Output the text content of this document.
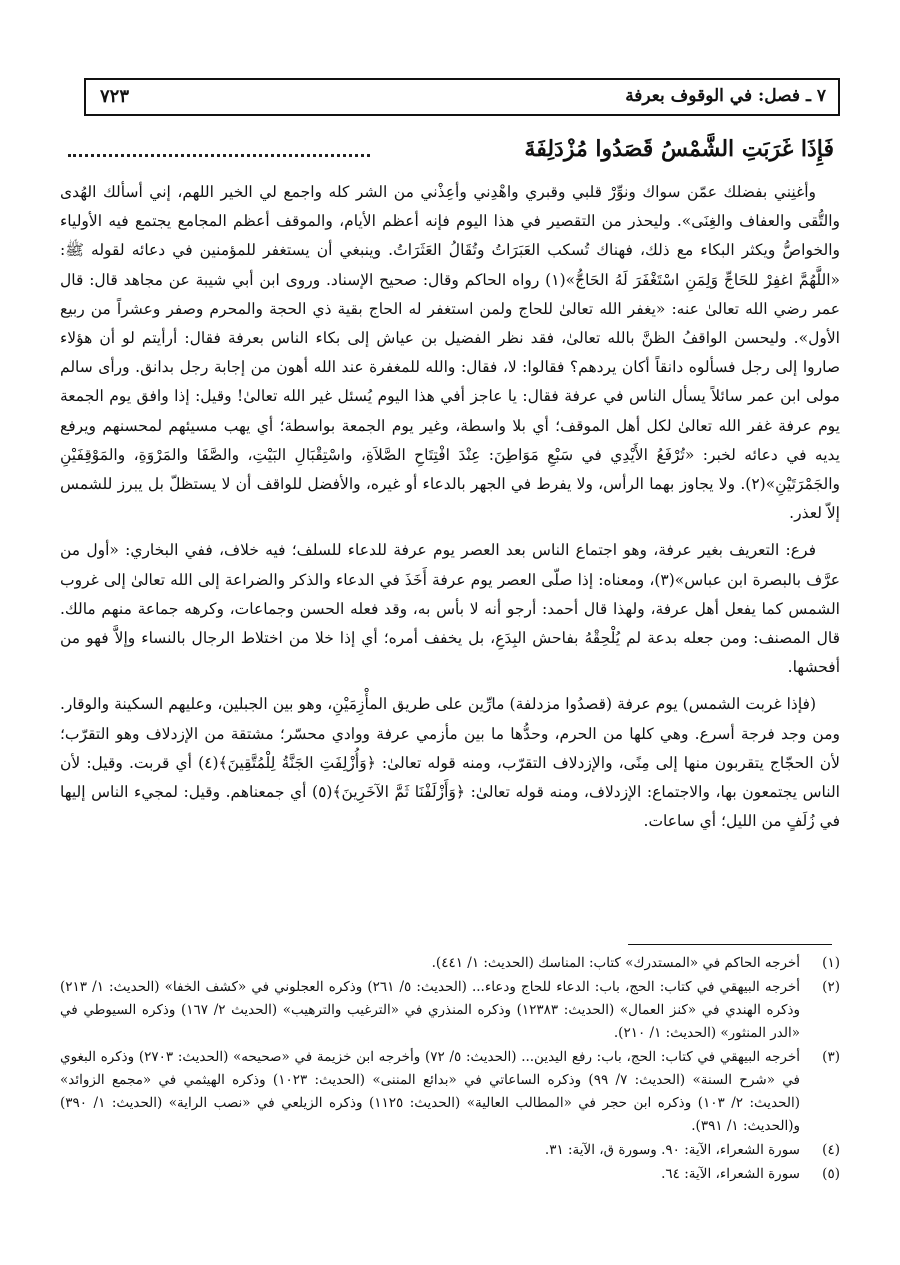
٧ ـ فصل: في الوقوف بعرفة
٧٢٣
فَإِذَا غَرَبَتِ الشَّمْسُ قَصَدُوا مُزْدَلِفَةَ

وأغنِني بفضلك عمّن سواك ونوِّرْ قلبي وقبري واهْدِني وأعِذْني من الشر كله واجمع لي الخير اللهم، إني أسألك الهُدى والتُّقى والعفاف والغِنَى». وليحذر من التقصير في هذا اليوم فإنه أعظم الأيام، والموقف أعظم المجامع يجتمع فيه الأولياء والخواصُّ ويكثر البكاء مع ذلك، فهناك تُسكب العَبَرَاتُ وتُقَالُ العَثَرَاتُ. وينبغي أن يستغفر للمؤمنين في دعائه لقوله ﷺ: «اللَّهُمَّ اغفِرْ للحَاجِّ وَلِمَنِ اسْتَغْفَرَ لَهُ الحَاجُّ»(١) رواه الحاكم وقال: صحيح الإسناد. وروى ابن أبي شيبة عن مجاهد قال: قال عمر رضي الله تعالىٰ عنه: «يغفر الله تعالىٰ للحاج ولمن استغفر له الحاج بقية ذي الحجة والمحرم وصفر وعشراً من ربيع الأول». وليحسن الواقفُ الظنَّ بالله تعالىٰ، فقد نظر الفضيل بن عياش إلى بكاء الناس بعرفة فقال: أرأيتم لو أن هؤلاء صاروا إلى رجل فسألوه دانقاً أكان يردهم؟ فقالوا: لا، فقال: والله للمغفرة عند الله أهون من إجابة رجل بدانق. ورأى سالم مولى ابن عمر سائلاً يسأل الناس في عرفة فقال: يا عاجز أفي هذا اليوم يُسئل غير الله تعالىٰ! وقيل: إذا وافق يوم الجمعة يوم عرفة غفر الله تعالىٰ لكل أهل الموقف؛ أي بلا واسطة، وغير يوم الجمعة بواسطة؛ أي يهب مسيئهم لمحسنهم ويرفع يديه في دعائه لخبر: «تُرْفَعُ الأَيْدِي في سَبْعِ مَوَاطِنَ: عِنْدَ افْتِتَاحِ الصَّلاَةِ، واسْتِقْبَالِ البَيْتِ، والصَّفَا والمَرْوَةِ، والمَوْقِفَيْنِ والجَمْرَتَيْنِ»(٢). ولا يجاوز بهما الرأس، ولا يفرط في الجهر بالدعاء أو غيره، والأفضل للواقف أن لا يستظلّ بل يبرز للشمس إلاّ لعذر.

فرع: التعريف بغير عرفة، وهو اجتماع الناس بعد العصر يوم عرفة للدعاء للسلف؛ فيه خلاف، ففي البخاري: «أول من عرَّف بالبصرة ابن عباس»(٣)، ومعناه: إذا صلّى العصر يوم عرفة أَخَذَ في الدعاء والذكر والضراعة إلى الله تعالىٰ إلى غروب الشمس كما يفعل أهل عرفة، ولهذا قال أحمد: أرجو أنه لا بأس به، وقد فعله الحسن وجماعات، وكرهه جماعة منهم مالك. قال المصنف: ومن جعله بدعة لم يُلْحِقْهُ بفاحش البِدَعِ، بل يخفف أمره؛ أي إذا خلا من اختلاط الرجال بالنساء وإلاَّ فهو من أفحشها.

(فإذا غربت الشمس) يوم عرفة (قصدُوا مزدلفة) مارِّين على طريق المأْزِمَيْنِ، وهو بين الجبلين، وعليهم السكينة والوقار. ومن وجد فرجة أسرع. وهي كلها من الحرم، وحدُّها ما بين مأزمي عرفة ووادي محسّر؛ مشتقة من الإزدلاف وهو التقرّب؛ لأن الحجّاج يتقربون منها إلى مِنًى، والإزدلاف التقرّب، ومنه قوله تعالىٰ: ﴿وَأُزْلِفَتِ الجَنَّةُ لِلْمُتَّقِينَ﴾(٤) أي قربت. وقيل: لأن الناس يجتمعون بها، والاجتماع: الإزدلاف، ومنه قوله تعالىٰ: ﴿وَأَزْلَفْنَا ثَمَّ الآخَرِينَ﴾(٥) أي جمعناهم. وقيل: لمجيء الناس إليها في زُلَفٍ من الليل؛ أي ساعات.

(١)
أخرجه الحاكم في «المستدرك» كتاب: المناسك (الحديث: ١/ ٤٤١).
(٢)
أخرجه البيهقي في كتاب: الحج، باب: الدعاء للحاج ودعاء... (الحديث: ٥/ ٢٦١) وذكره العجلوني في «كشف الخفا» (الحديث: ١/ ٢١٣) وذكره الهندي في «كنز العمال» (الحديث: ١٢٣٨٣) وذكره المنذري في «الترغيب والترهيب» (الحديث ٢/ ١٦٧) وذكره السيوطي في «الدر المنثور» (الحديث: ١/ ٢١٠).
(٣)
أخرجه البيهقي في كتاب: الحج، باب: رفع اليدين... (الحديث: ٥/ ٧٢) وأخرجه ابن خزيمة في «صحيحه» (الحديث: ٢٧٠٣) وذكره البغوي في «شرح السنة» (الحديث: ٧/ ٩٩) وذكره الساعاتي في «بدائع المننى» (الحديث: ١٠٢٣) وذكره الهيثمي في «مجمع الزوائد» (الحديث: ٢/ ١٠٣) وذكره ابن حجر في «المطالب العالية» (الحديث: ١١٢٥) وذكره الزيلعي في «نصب الراية» (الحديث: ١/ ٣٩٠) و(الحديث: ١/ ٣٩١).
(٤)
سورة الشعراء، الآية: ٩٠. وسورة ق، الآية: ٣١.
(٥)
سورة الشعراء، الآية: ٦٤.
